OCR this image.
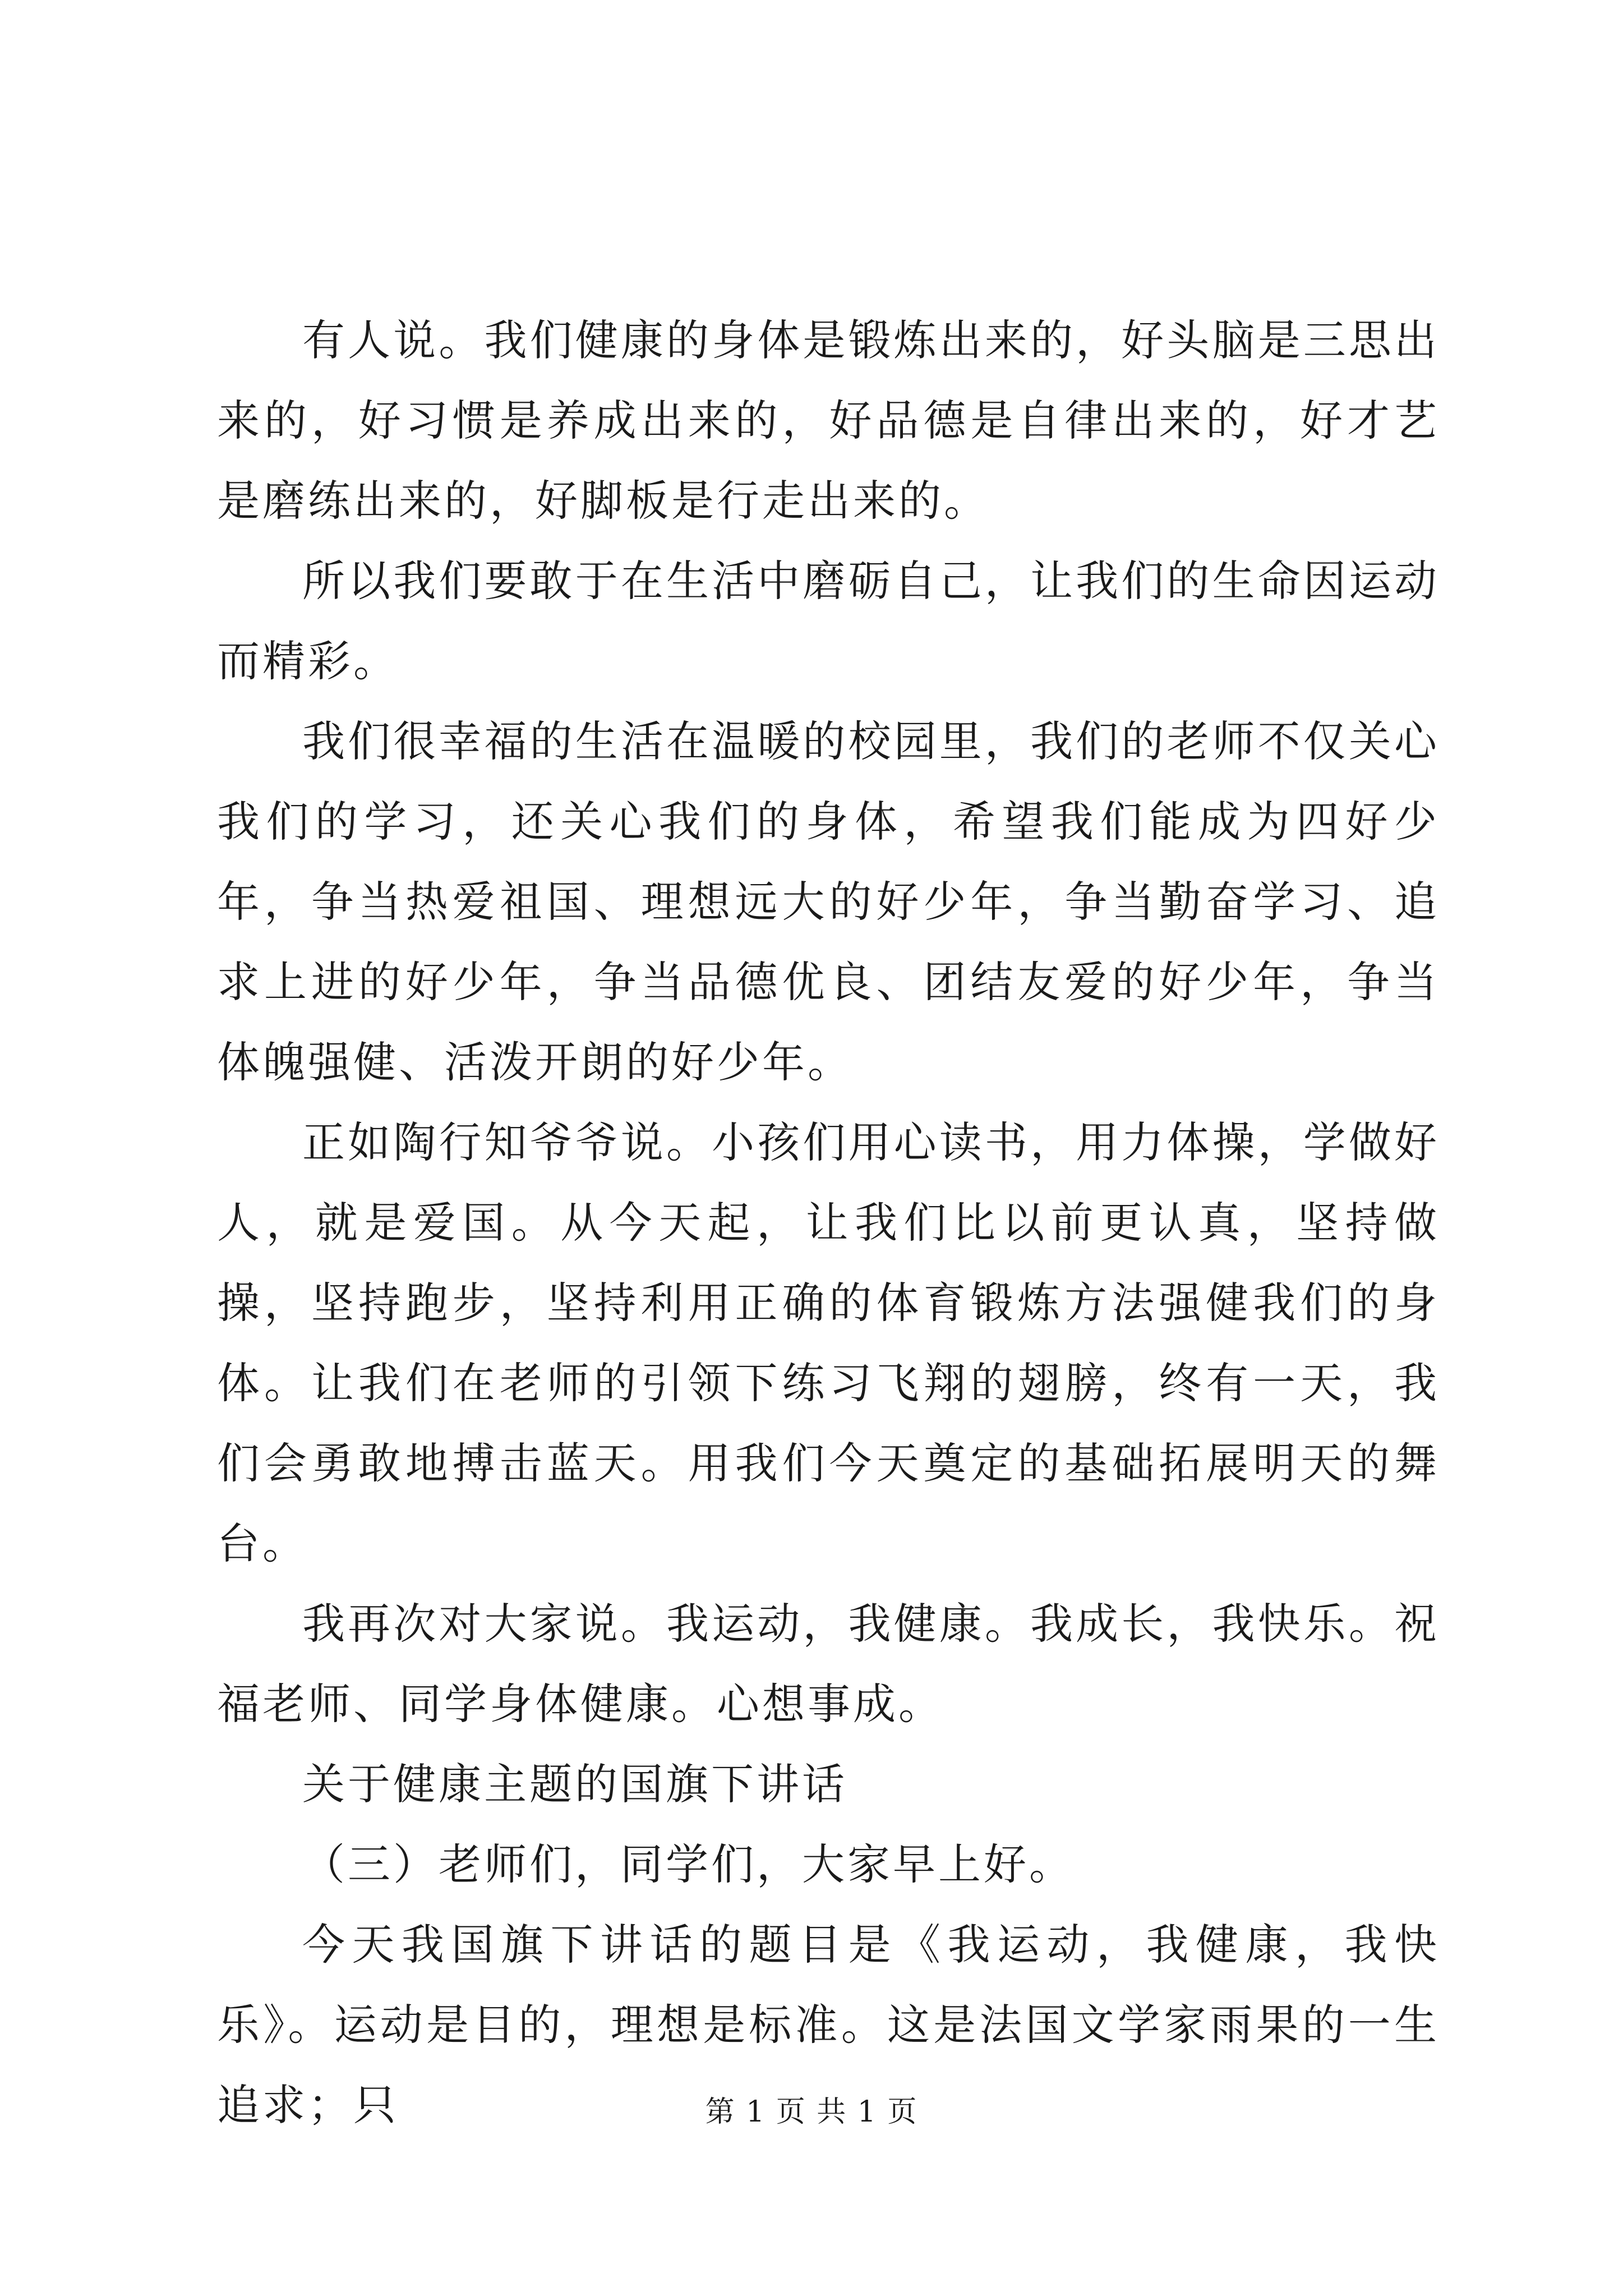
有人说。我们健康的身体是锻炼出来的，好头脑是三思出来的，好习惯是养成出来的，好品德是自律出来的，好才艺是磨练出来的，好脚板是行走出来的。

所以我们要敢于在生活中磨砺自己，让我们的生命因运动而精彩。

我们很幸福的生活在温暖的校园里，我们的老师不仅关心我们的学习，还关心我们的身体，希望我们能成为四好少年，争当热爱祖国、理想远大的好少年，争当勤奋学习、追求上进的好少年，争当品德优良、团结友爱的好少年，争当体魄强健、活泼开朗的好少年。

正如陶行知爷爷说。小孩们用心读书，用力体操，学做好人，就是爱国。从今天起，让我们比以前更认真，坚持做操，坚持跑步，坚持利用正确的体育锻炼方法强健我们的身体。让我们在老师的引领下练习飞翔的翅膀，终有一天，我们会勇敢地搏击蓝天。用我们今天奠定的基础拓展明天的舞台。

我再次对大家说。我运动，我健康。我成长，我快乐。祝福老师、同学身体健康。心想事成。

关于健康主题的国旗下讲话

（三）老师们，同学们，大家早上好。

今天我国旗下讲话的题目是《我运动，我健康，我快乐》。运动是目的，理想是标准。这是法国文学家雨果的一生追求；只	第 1 页 共 1 页
